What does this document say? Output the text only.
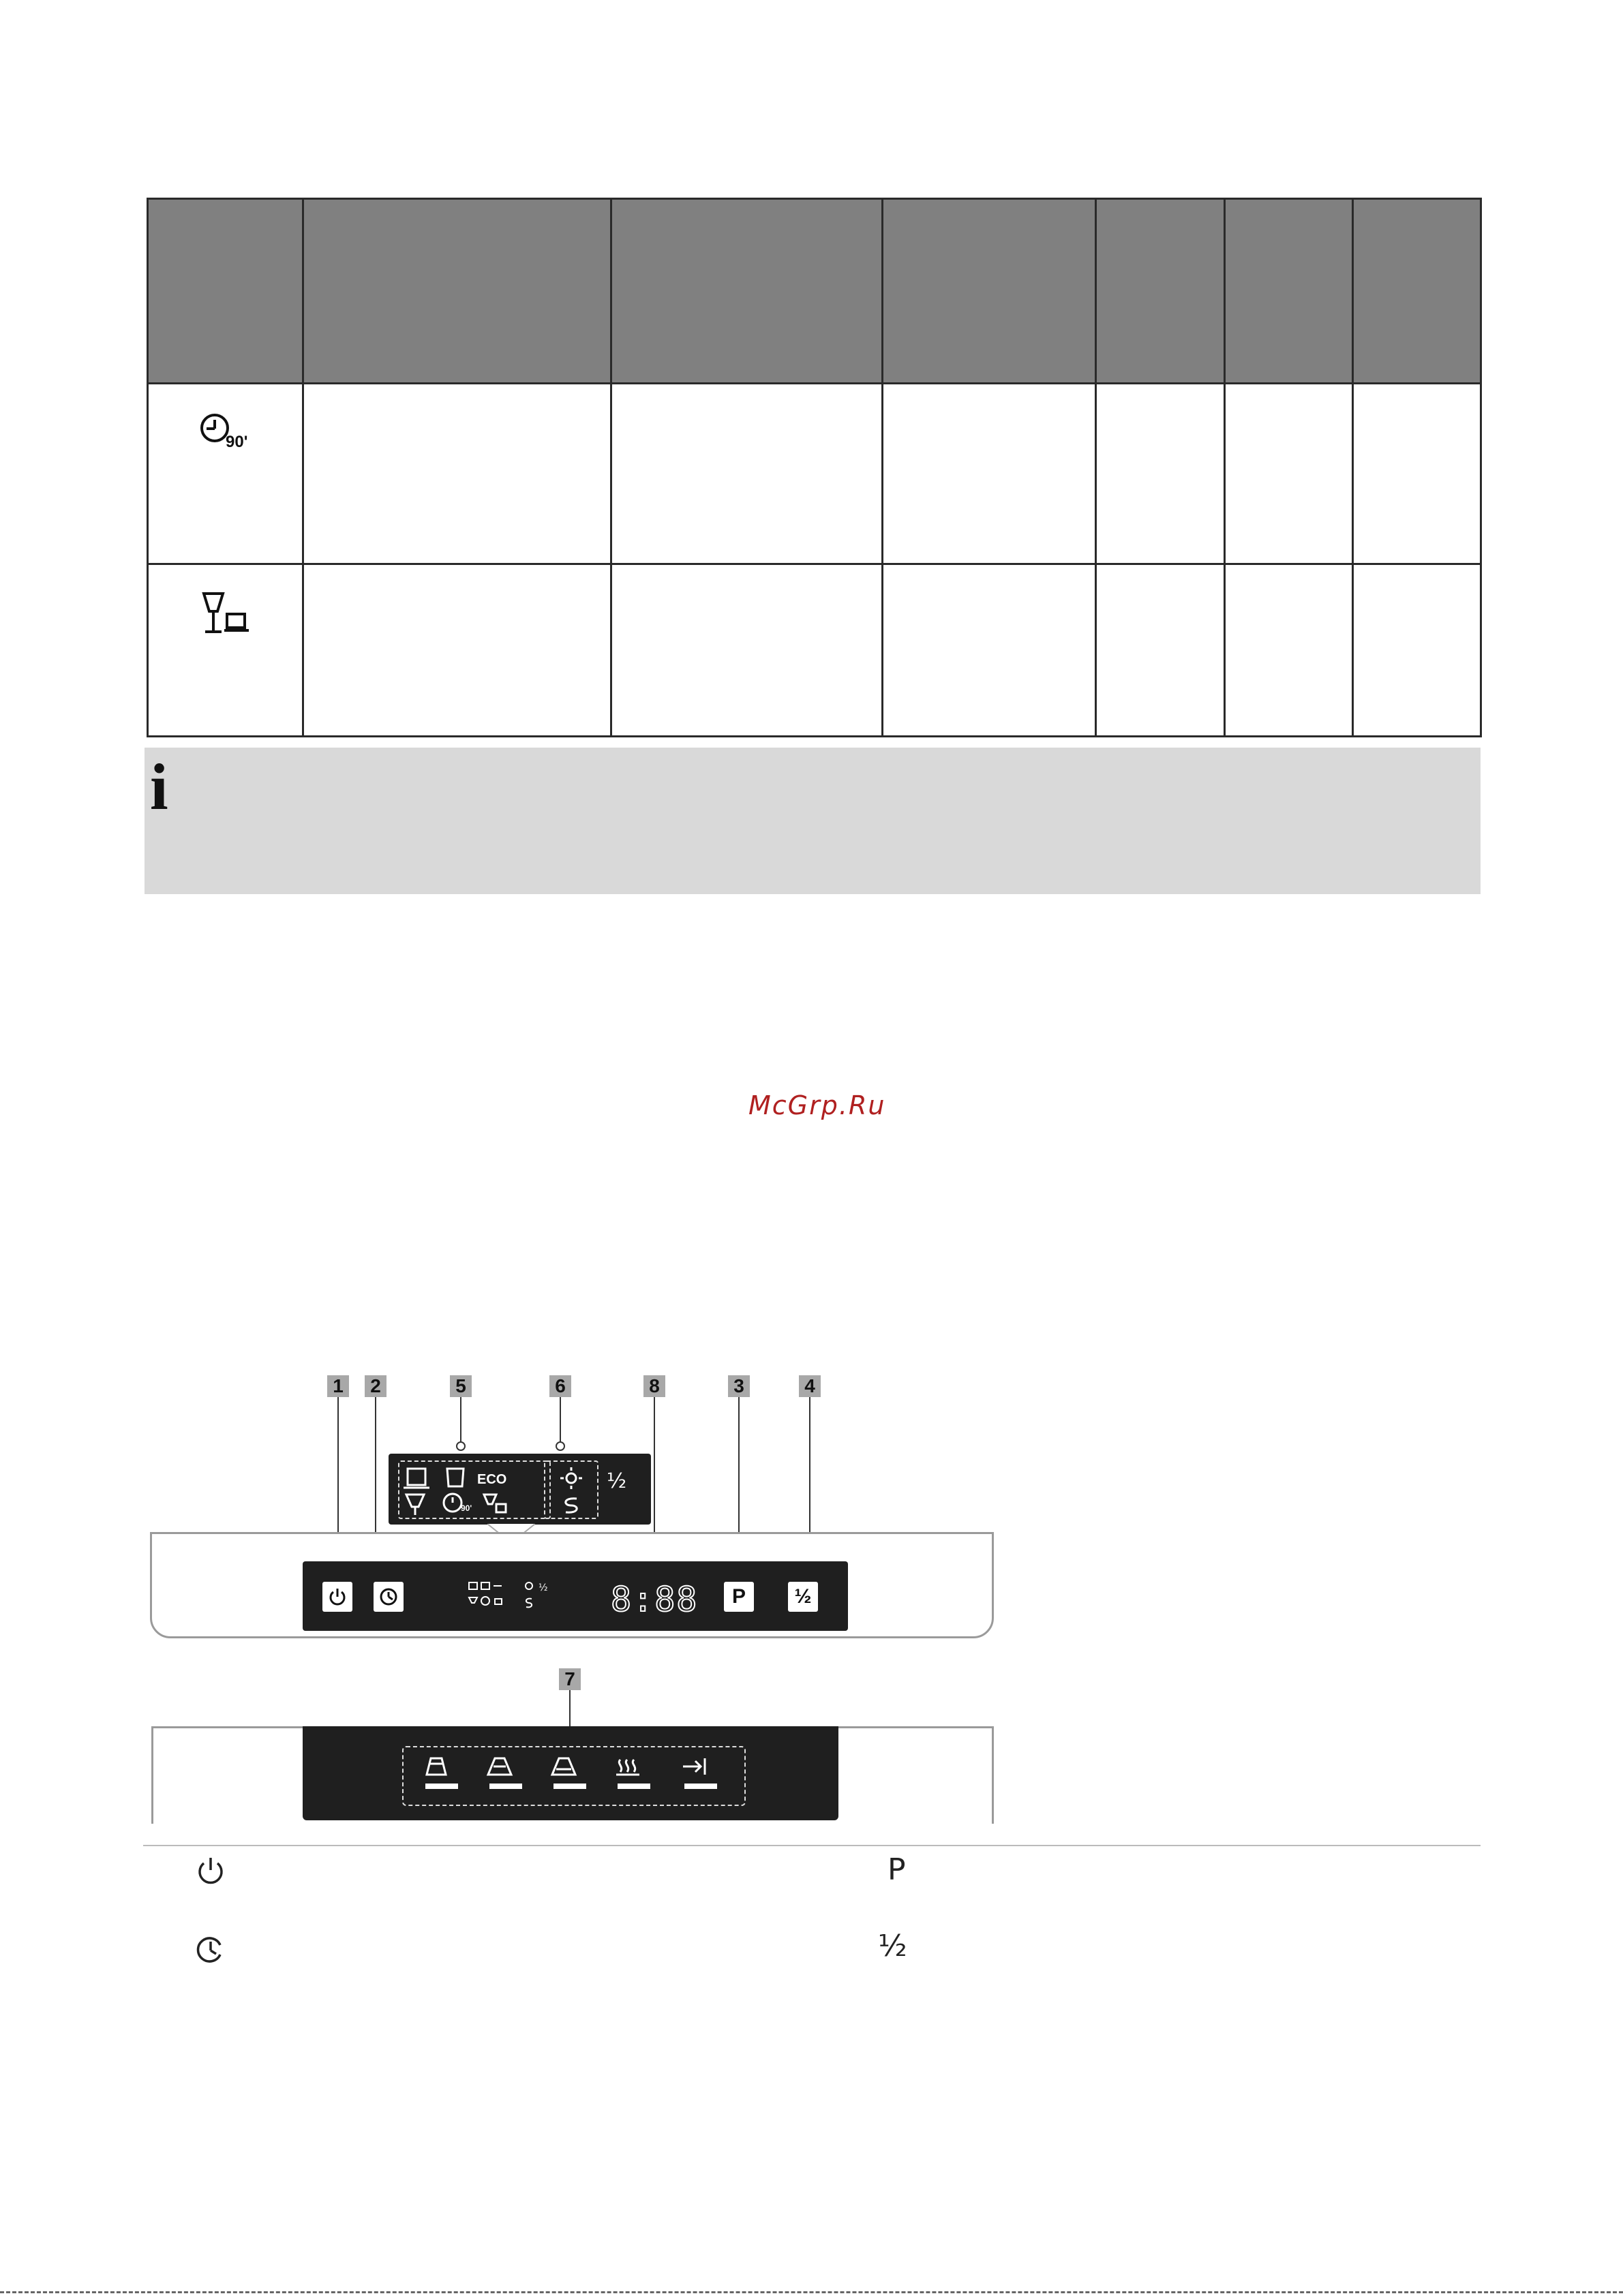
90'						

i
McGrp.Ru
1 2	5	6	8	3	4
7
ECO
90'
½
½ 8:88 P ½
P
½
